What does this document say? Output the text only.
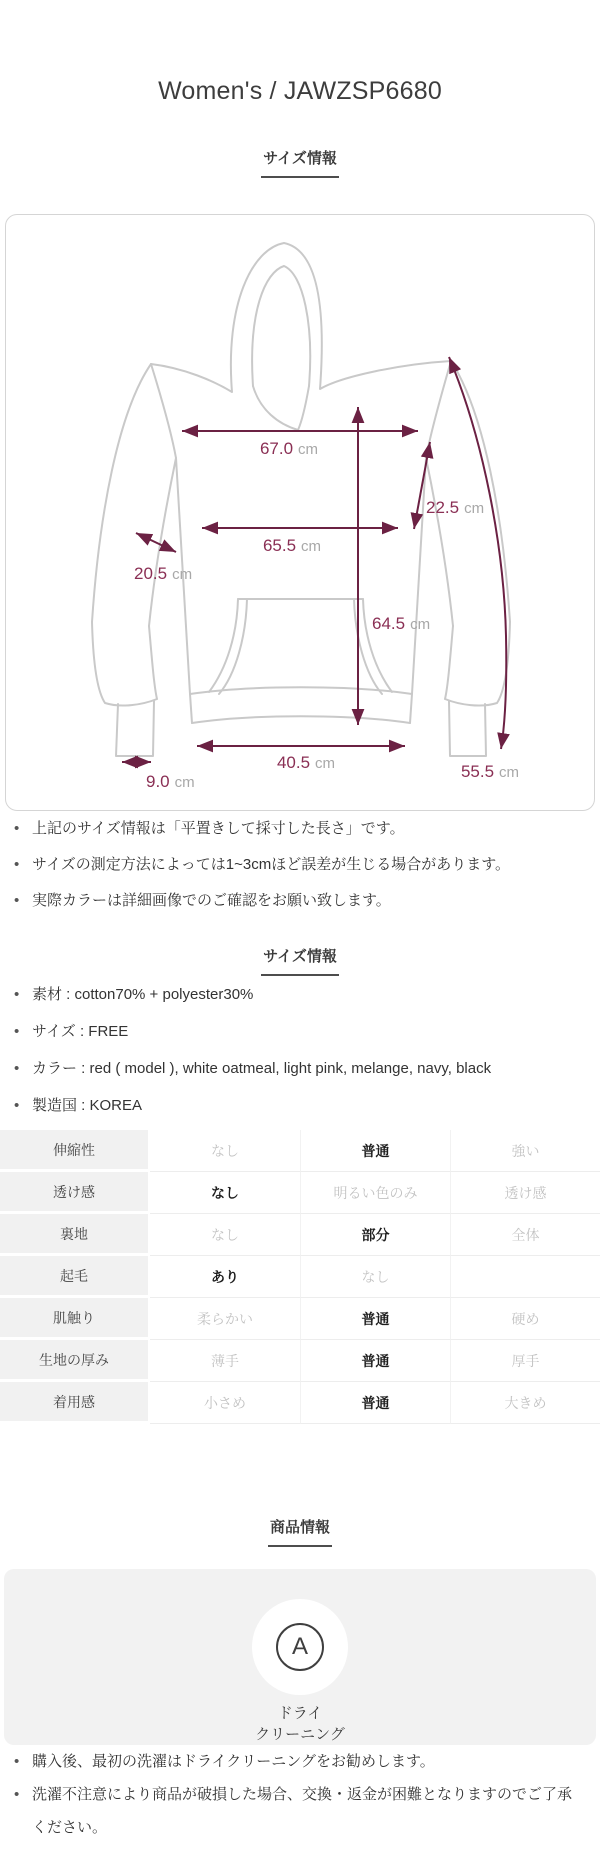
Women's / JAWZSP6680
サイズ情報
67.0 cm
65.5 cm
22.5 cm
20.5 cm
64.5 cm
40.5 cm
9.0 cm
55.5 cm
• 上記のサイズ情報は「平置きして採寸した長さ」です。
• サイズの測定方法によっては1~3cmほど誤差が生じる場合があります。
• 実際カラーは詳細画像でのご確認をお願い致します。
サイズ情報
• 素材 : cotton70% + polyester30%
• サイズ : FREE
• カラー : red ( model ), white oatmeal, light pink, melange, navy, black
• 製造国 : KOREA
伸縮性	なし	普通	強い
透け感	なし	明るい色のみ	透け感
裏地	なし	部分	全体
起毛	あり	なし
肌触り	柔らかい	普通	硬め
生地の厚み	薄手	普通	厚手
着用感	小さめ	普通	大きめ
商品情報
A
ドライ
クリーニング
• 購入後、最初の洗濯はドライクリーニングをお勧めします。
• 洗濯不注意により商品が破損した場合、交換・返金が困難となりますのでご了承ください。
